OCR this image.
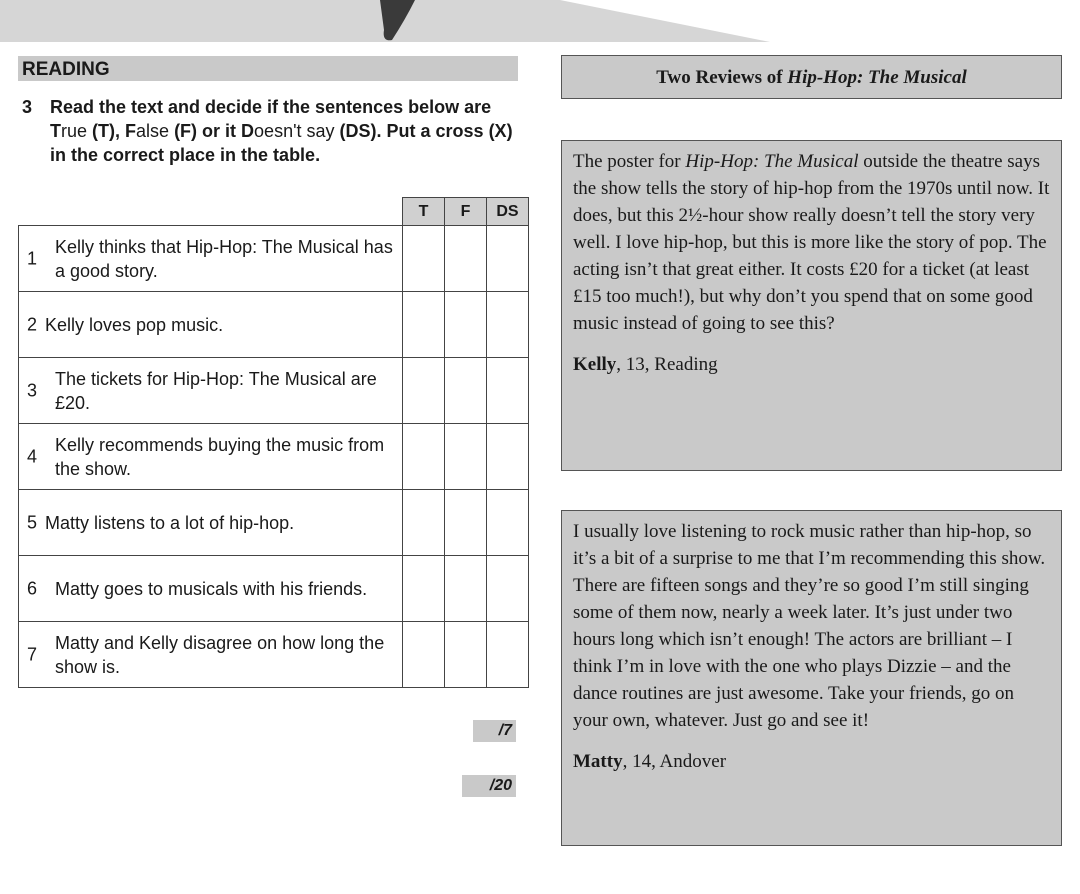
READING
3 Read the text and decide if the sentences below are True (T), False (F) or it Doesn't say (DS). Put a cross (X) in the correct place in the table.
	T	F	DS

1
Kelly thinks that Hip-Hop: The Musical has a good story.			

2 Kelly loves pop music.			

3
The tickets for Hip-Hop: The Musical are £20.			

4
Kelly recommends buying the music from the show.			

5 Matty listens to a lot of hip-hop.			

6 Matty goes to musicals with his friends.			

7
Matty and Kelly disagree on how long the show is.			

/7
/20
Two Reviews of Hip-Hop: The Musical
The poster for Hip-Hop: The Musical outside the theatre says the show tells the story of hip-hop from the 1970s until now. It does, but this 2½-hour show really doesn’t tell the story very well. I love hip-hop, but this is more like the story of pop. The acting isn’t that great either. It costs £20 for a ticket (at least £15 too much!), but why don’t you spend that on some good music instead of going to see this?
Kelly, 13, Reading
I usually love listening to rock music rather than hip-hop, so it’s a bit of a surprise to me that I’m recommending this show. There are fifteen songs and they’re so good I’m still singing some of them now, nearly a week later. It’s just under two hours long which isn’t enough! The actors are brilliant – I think I’m in love with the one who plays Dizzie – and the dance routines are just awesome. Take your friends, go on your own, whatever. Just go and see it!
Matty, 14, Andover
